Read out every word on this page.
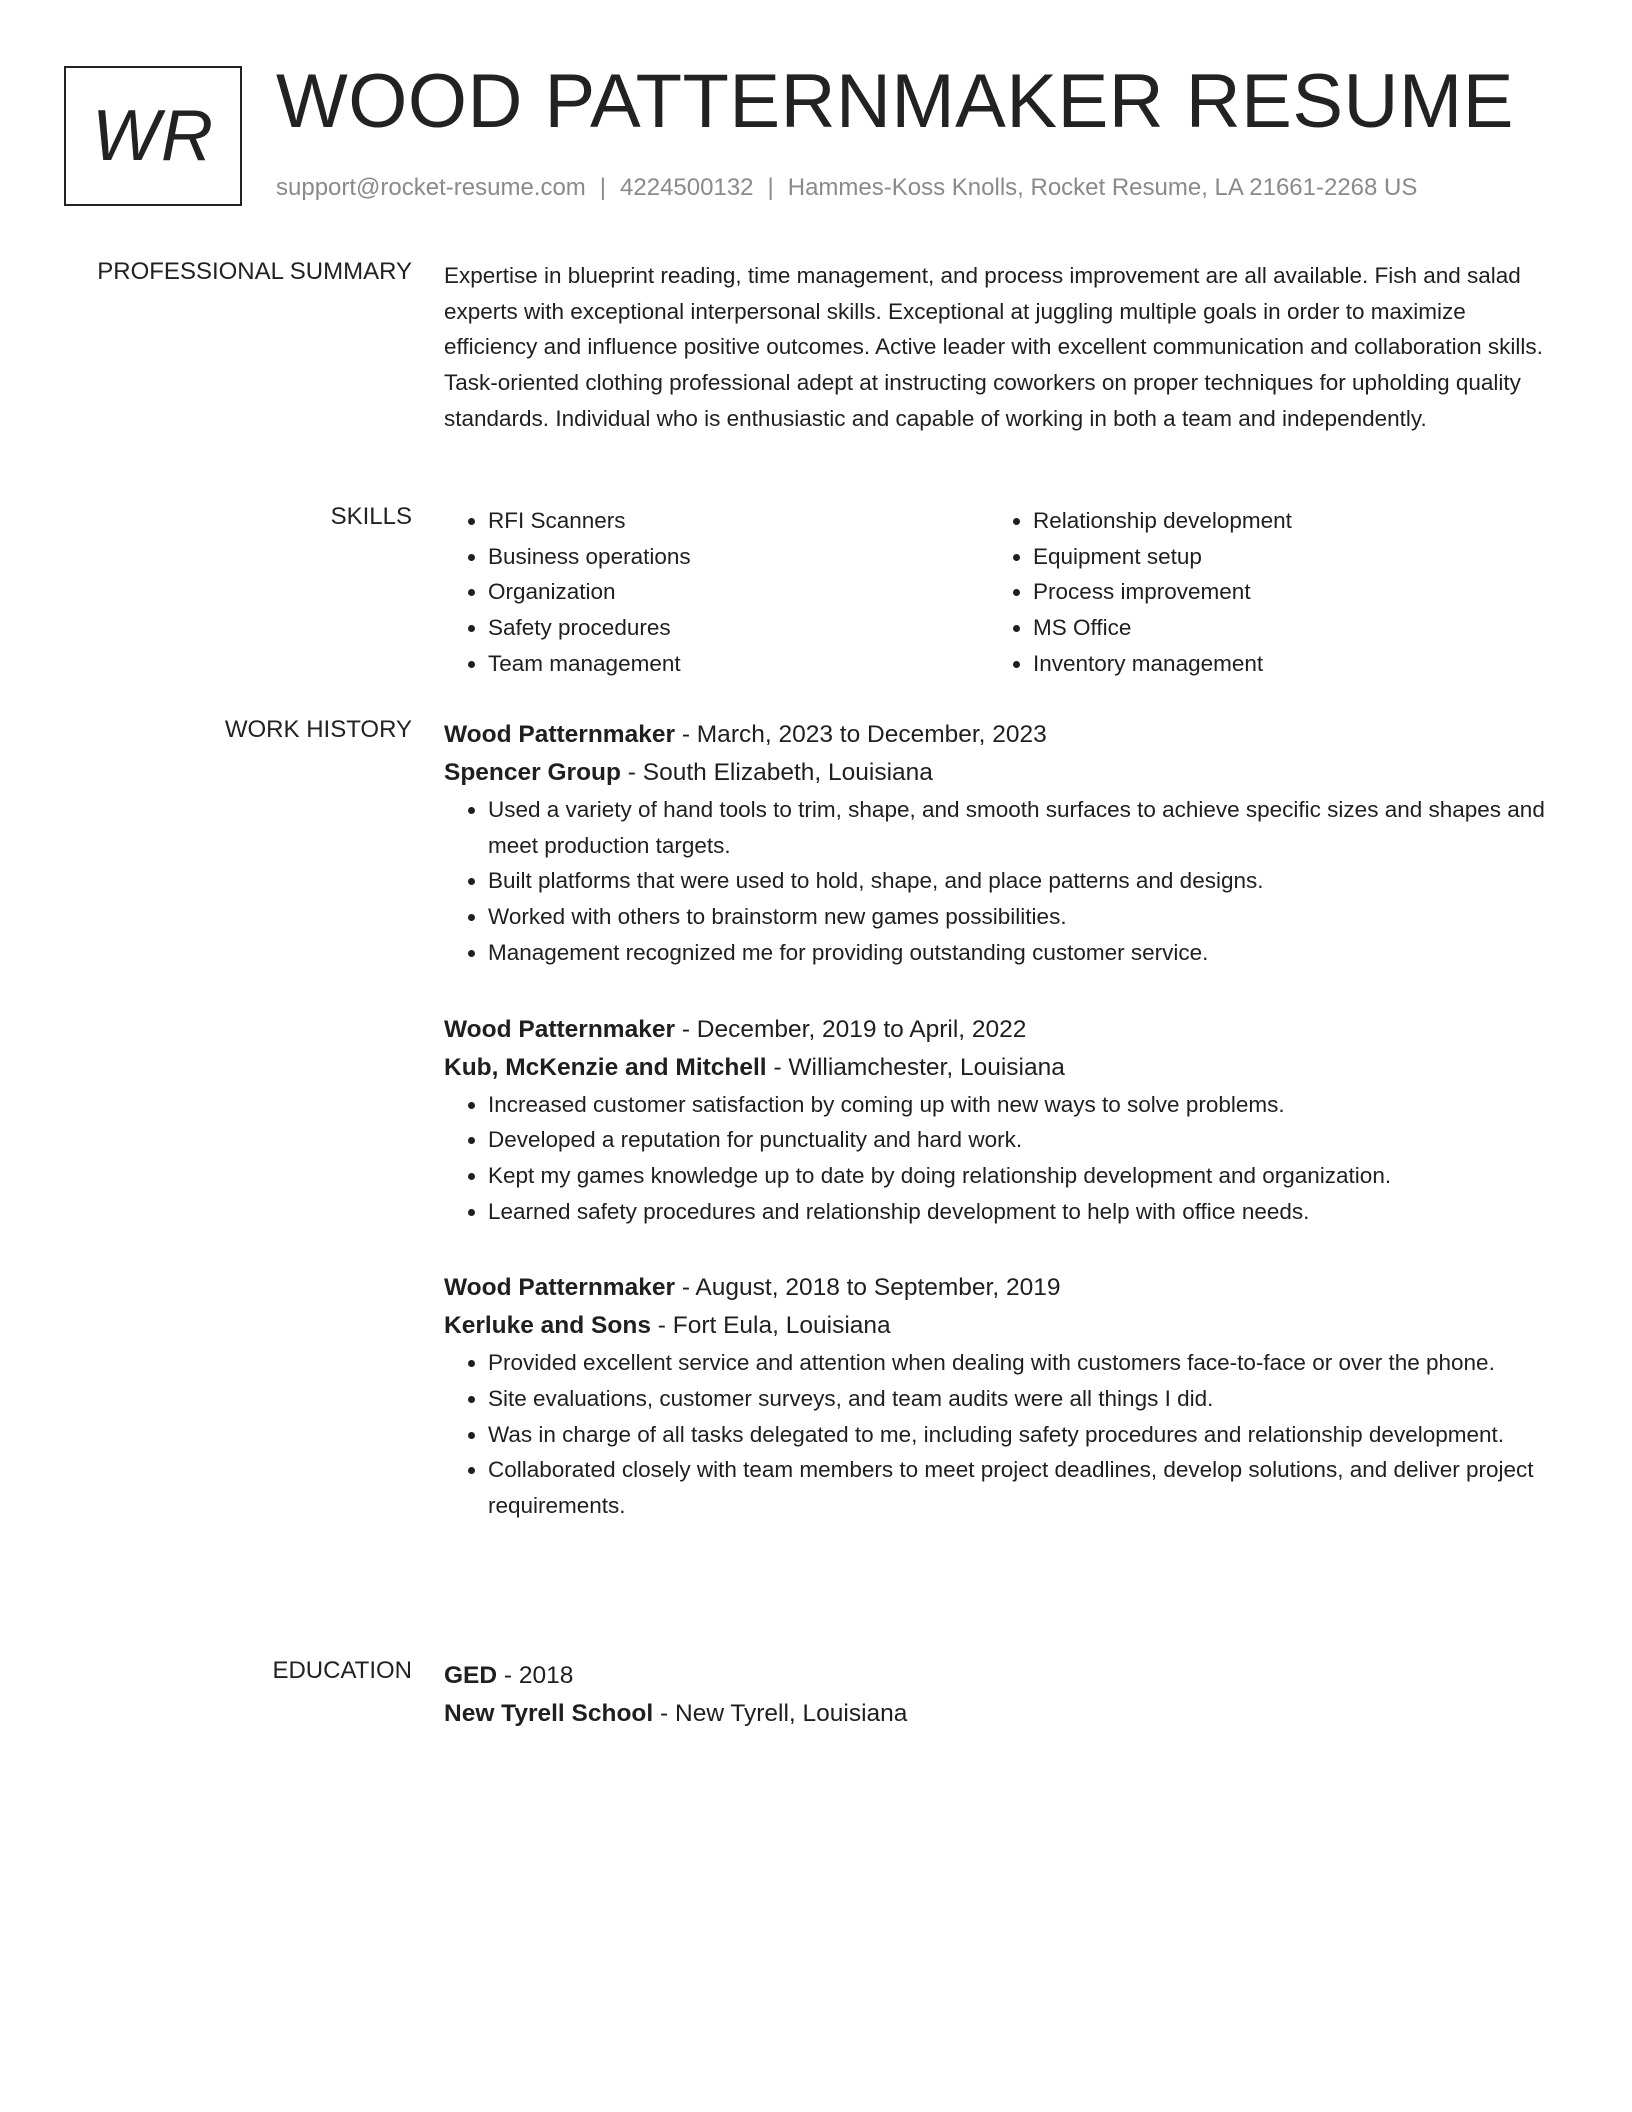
WR WOOD PATTERNMAKER RESUME
support@rocket-resume.com | 4224500132 | Hammes-Koss Knolls, Rocket Resume, LA 21661-2268 US
PROFESSIONAL SUMMARY Expertise in blueprint reading, time management, and process improvement are all available. Fish and salad experts with exceptional interpersonal skills. Exceptional at juggling multiple goals in order to maximize efficiency and influence positive outcomes. Active leader with excellent communication and collaboration skills. Task-oriented clothing professional adept at instructing coworkers on proper techniques for upholding quality standards. Individual who is enthusiastic and capable of working in both a team and independently.

SKILLS
•	RFI Scanners
• Business operations
• Organization
• Safety procedures
• Team management
• Relationship development
• Equipment setup
• Process improvement
• MS Office
• Inventory management
WORK HISTORY Wood Patternmaker - March, 2023 to December, 2023

Spencer Group - South Elizabeth, Louisiana

• Used a variety of hand tools to trim, shape, and smooth surfaces to achieve specific sizes and shapes and meet production targets.
• Built platforms that were used to hold, shape, and place patterns and designs.
• Worked with others to brainstorm new games possibilities.
• Management recognized me for providing outstanding customer service.

Wood Patternmaker - December, 2019 to April, 2022

Kub, McKenzie and Mitchell - Williamchester, Louisiana

• Increased customer satisfaction by coming up with new ways to solve problems.
• Developed a reputation for punctuality and hard work.
• Kept my games knowledge up to date by doing relationship development and organization.
• Learned safety procedures and relationship development to help with office needs.

Wood Patternmaker - August, 2018 to September, 2019

Kerluke and Sons - Fort Eula, Louisiana

• Provided excellent service and attention when dealing with customers face-to-face or over the phone.
• Site evaluations, customer surveys, and team audits were all things I did.
• Was in charge of all tasks delegated to me, including safety procedures and relationship development.
• Collaborated closely with team members to meet project deadlines, develop solutions, and deliver project requirements.
EDUCATION GED - 2018

New Tyrell School - New Tyrell, Louisiana
